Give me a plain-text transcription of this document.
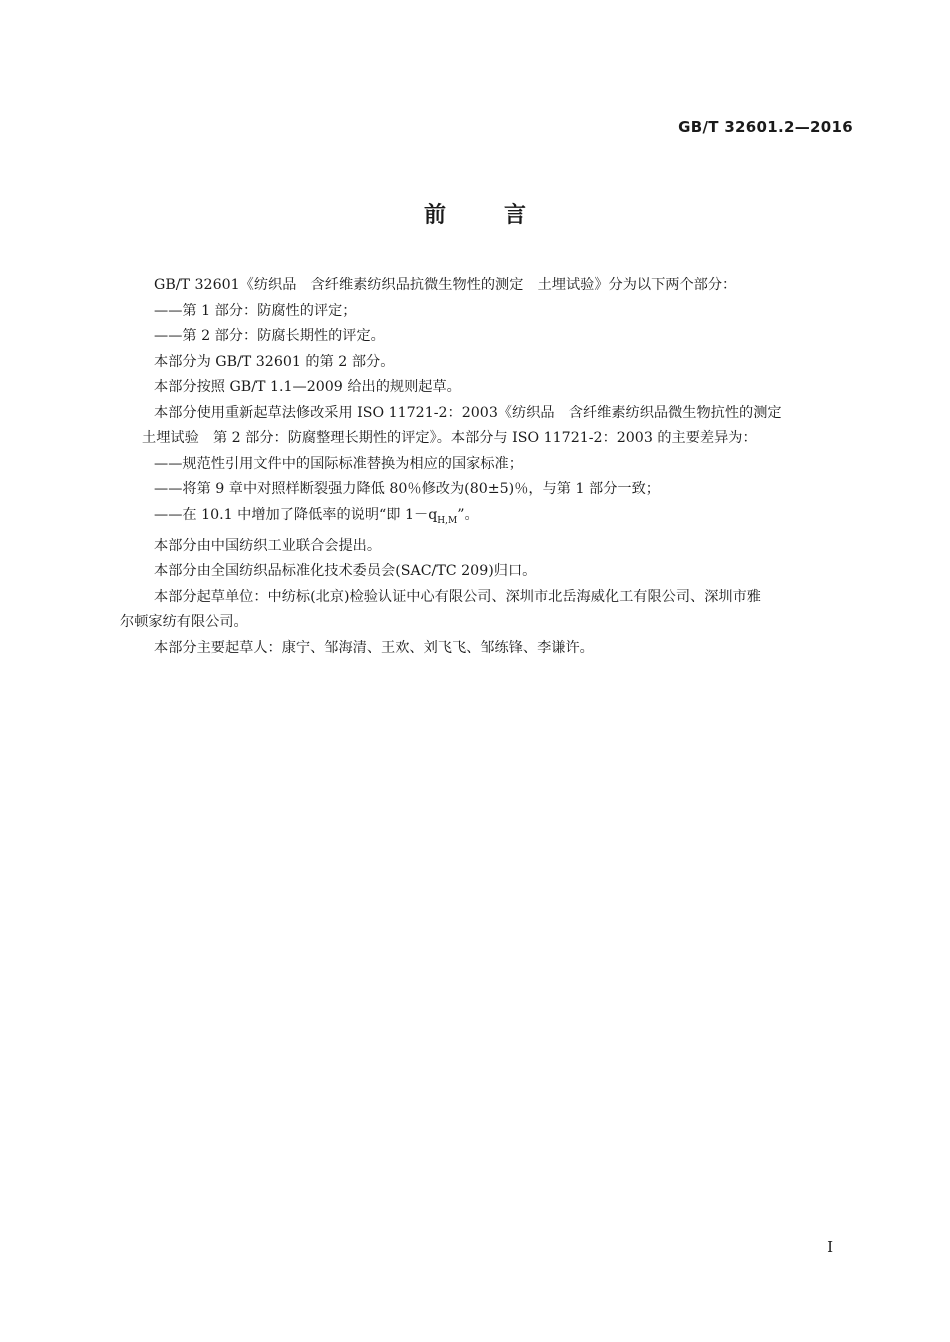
GB/T 32601.2—2016
前言

GB/T 32601《纺织品　含纤维素纺织品抗微生物性的测定　土埋试验》分为以下两个部分：

——第 1 部分：防腐性的评定；

——第 2 部分：防腐长期性的评定。

本部分为 GB/T 32601 的第 2 部分。

本部分按照 GB/T 1.1—2009 给出的规则起草。

本部分使用重新起草法修改采用 ISO 11721-2：2003《纺织品　含纤维素纺织品微生物抗性的测定

土埋试验　第 2 部分：防腐整理长期性的评定》。本部分与 ISO 11721-2：2003 的主要差异为：

——规范性引用文件中的国际标准替换为相应的国家标准；

——将第 9 章中对照样断裂强力降低 80％修改为(80±5)％，与第 1 部分一致；

——在 10.1 中增加了降低率的说明“即 $1-q_{H,M}$”。

本部分由中国纺织工业联合会提出。

本部分由全国纺织品标准化技术委员会(SAC/TC 209)归口。

本部分起草单位：中纺标(北京)检验认证中心有限公司、深圳市北岳海威化工有限公司、深圳市雅

尔顿家纺有限公司。

本部分主要起草人：康宁、邹海清、王欢、刘飞飞、邹练锋、李谦许。

I
